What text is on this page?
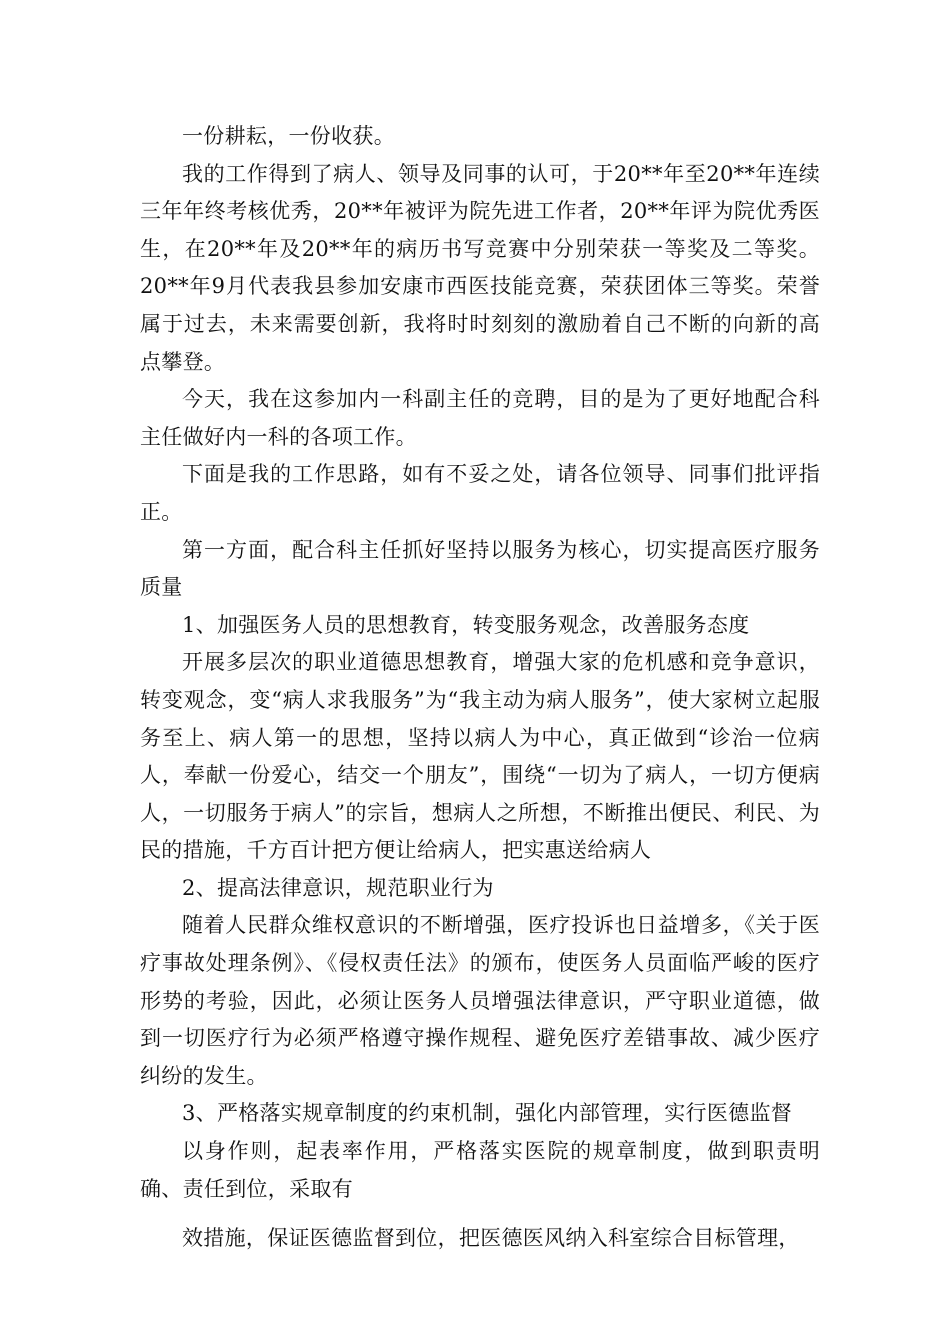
一份耕耘，一份收获。

我的工作得到了病人、领导及同事的认可，于20**年至20**年连续三年年终考核优秀，20**年被评为院先进工作者，20**年评为院优秀医生，在20**年及20**年的病历书写竞赛中分别荣获一等奖及二等奖。20**年9月代表我县参加安康市西医技能竞赛，荣获团体三等奖。荣誉属于过去，未来需要创新，我将时时刻刻的激励着自己不断的向新的高点攀登。

今天，我在这参加内一科副主任的竞聘，目的是为了更好地配合科主任做好内一科的各项工作。

下面是我的工作思路，如有不妥之处，请各位领导、同事们批评指正。

第一方面，配合科主任抓好坚持以服务为核心，切实提高医疗服务质量

1、加强医务人员的思想教育，转变服务观念，改善服务态度

开展多层次的职业道德思想教育，增强大家的危机感和竞争意识，转变观念，变“病人求我服务”为“我主动为病人服务”，使大家树立起服务至上、病人第一的思想，坚持以病人为中心，真正做到“诊治一位病人，奉献一份爱心，结交一个朋友”，围绕“一切为了病人，一切方便病人，一切服务于病人”的宗旨，想病人之所想，不断推出便民、利民、为民的措施，千方百计把方便让给病人，把实惠送给病人

2、提高法律意识，规范职业行为

随着人民群众维权意识的不断增强，医疗投诉也日益增多，《关于医疗事故处理条例》、《侵权责任法》的颁布，使医务人员面临严峻的医疗形势的考验，因此，必须让医务人员增强法律意识，严守职业道德，做到一切医疗行为必须严格遵守操作规程、避免医疗差错事故、减少医疗纠纷的发生。

3、严格落实规章制度的约束机制，强化内部管理，实行医德监督

以身作则，起表率作用，严格落实医院的规章制度，做到职责明确、责任到位，采取有

效措施，保证医德监督到位，把医德医风纳入科室综合目标管理，
